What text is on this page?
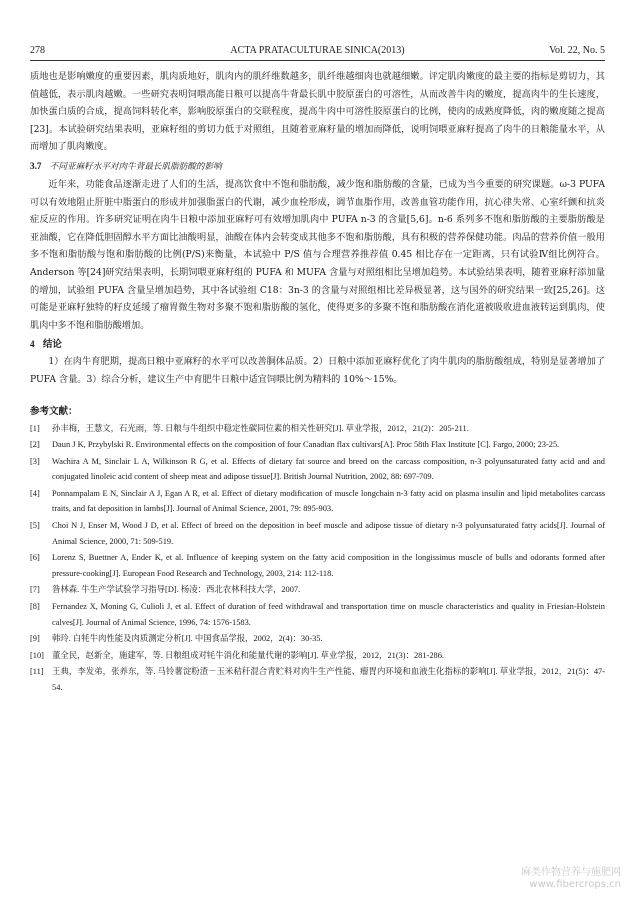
278	ACTA PRATACULTURAE SINICA(2013)	Vol. 22, No. 5

质地也是影响嫩度的重要因素，肌肉质地好，肌肉内的肌纤维数越多，肌纤维越细肉也就越细嫩。评定肌肉嫩度的最主要的指标是剪切力，其值越低，表示肌肉越嫩。一些研究表明饲喂高能日粮可以提高牛背最长肌中胶原蛋白的可溶性，从而改善牛肉的嫩度，提高肉牛的生长速度，加快蛋白质的合成，提高饲料转化率，影响胶原蛋白的交联程度，提高牛肉中可溶性胶原蛋白的比例，使肉的成熟度降低，肉的嫩度随之提高[23]。本试验研究结果表明，亚麻籽组的剪切力低于对照组，且随着亚麻籽量的增加而降低，说明饲喂亚麻籽提高了肉牛的日粮能量水平，从而增加了肌肉嫩度。

3.7 不同亚麻籽水平对肉牛背最长肌脂肪酸的影响

近年来，功能食品逐渐走进了人们的生活，提高饮食中不饱和脂肪酸，减少饱和脂肪酸的含量，已成为当今重要的研究课题。ω-3 PUFA 可以有效地阻止肝脏中脂蛋白的形成并加强脂蛋白的代谢，减少血栓形成，调节血脂作用，改善血管功能作用，抗心律失常、心室纤颤和抗炎症反应的作用。许多研究证明在肉牛日粮中添加亚麻籽可有效增加肌肉中 PUFA n-3 的含量[5,6]。n-6 系列多不饱和脂肪酸的主要脂肪酸是亚油酸，它在降低胆固醇水平方面比油酸明显，油酸在体内会转变成其他多不饱和脂肪酸，具有积极的营养保健功能。肉品的营养价值一般用多不饱和脂肪酸与饱和脂肪酸的比例(P/S)来衡量，本试验中 P/S 值与合理营养推荐值 0.45 相比存在一定距离，只有试验Ⅳ组比例符合。Anderson 等[24]研究结果表明，长期饲喂亚麻籽组的 PUFA 和 MUFA 含量与对照组相比呈增加趋势。本试验结果表明，随着亚麻籽添加量的增加，试验组 PUFA 含量呈增加趋势，其中各试验组 C18：3n-3 的含量与对照组相比差异极显著，这与国外的研究结果一致[25,26]。这可能是亚麻籽独特的籽皮延缓了瘤胃微生物对多聚不饱和脂肪酸的氢化，使得更多的多聚不饱和脂肪酸在消化道被吸收进血液转运到肌肉，使肌肉中多不饱和脂肪酸增加。

4 结论

1）在肉牛育肥期，提高日粮中亚麻籽的水平可以改善胴体品质。2）日粮中添加亚麻籽优化了肉牛肌肉的脂肪酸组成，特别是显著增加了 PUFA 含量。3）综合分析，建议生产中育肥牛日粮中适宜饲喂比例为精料的 10%～15%。

参考文献：
[1]	孙丰梅，王慧文，石光雨，等. 日粮与牛组织中稳定性碳同位素的相关性研究[J]. 草业学报，2012，21(2)：205-211.
[2]	Daun J K, Przybylski R. Environmental effects on the composition of four Canadian flax cultivars[A]. Proc 58th Flax Institute [C]. Fargo, 2000; 23-25.
[3]	Wachira A M, Sinclair L A, Wilkinson R G, et al. Effects of dietary fat source and breed on the carcass composition, n-3 polyunsaturated fatty acid and and conjugated linoleic acid content of sheep meat and adipose tissue[J]. British Journal Nutrition, 2002, 88: 697-709.
[4]	Ponnampalam E N, Sinclair A J, Egan A R, et al. Effect of dietary modification of muscle longchain n-3 fatty acid on plasma insulin and lipid metabolites carcass traits, and fat deposition in lambs[J]. Journal of Animal Science, 2001, 79: 895-903.
[5]	Choi N J, Enser M, Wood J D, et al. Effect of breed on the deposition in beef muscle and adipose tissue of dietary n-3 polyunsaturated fatty acids[J]. Journal of Animal Science, 2000, 71: 509-519.
[6]	Lorenz S, Buettner A, Ender K, et al. Influence of keeping system on the fatty acid composition in the longissimus muscle of bulls and odorants formed after pressure-cooking[J]. European Food Research and Technology, 2003, 214: 112-118.
[7]	昝林森. 牛生产学试验学习指导[D]. 杨凌：西北农林科技大学，2007.
[8]	Fernandez X, Moning G, Culioli J, et al. Effect of duration of feed withdrawal and transportation time on muscle characteristics and quality in Friesian-Holstein calves[J]. Journal of Animal Science, 1996, 74: 1576-1583.
[9]	韩玲. 白牦牛肉性能及肉质测定分析[J]. 中国食品学报，2002，2(4)：30-35.
[10] 董全民，赵新全，施建军，等. 日粮组成对牦牛消化和能量代谢的影响[J]. 草业学报，2012，21(3)：281-286.
[11] 王典，李发弟，张养东，等. 马铃薯淀粉渣－玉米秸秆混合青贮料对肉牛生产性能、瘤胃内环境和血液生化指标的影响[J]. 草业学报，2012，21(5)：47-54.
麻类作物营养与施肥网
www.fibercrops.cn
